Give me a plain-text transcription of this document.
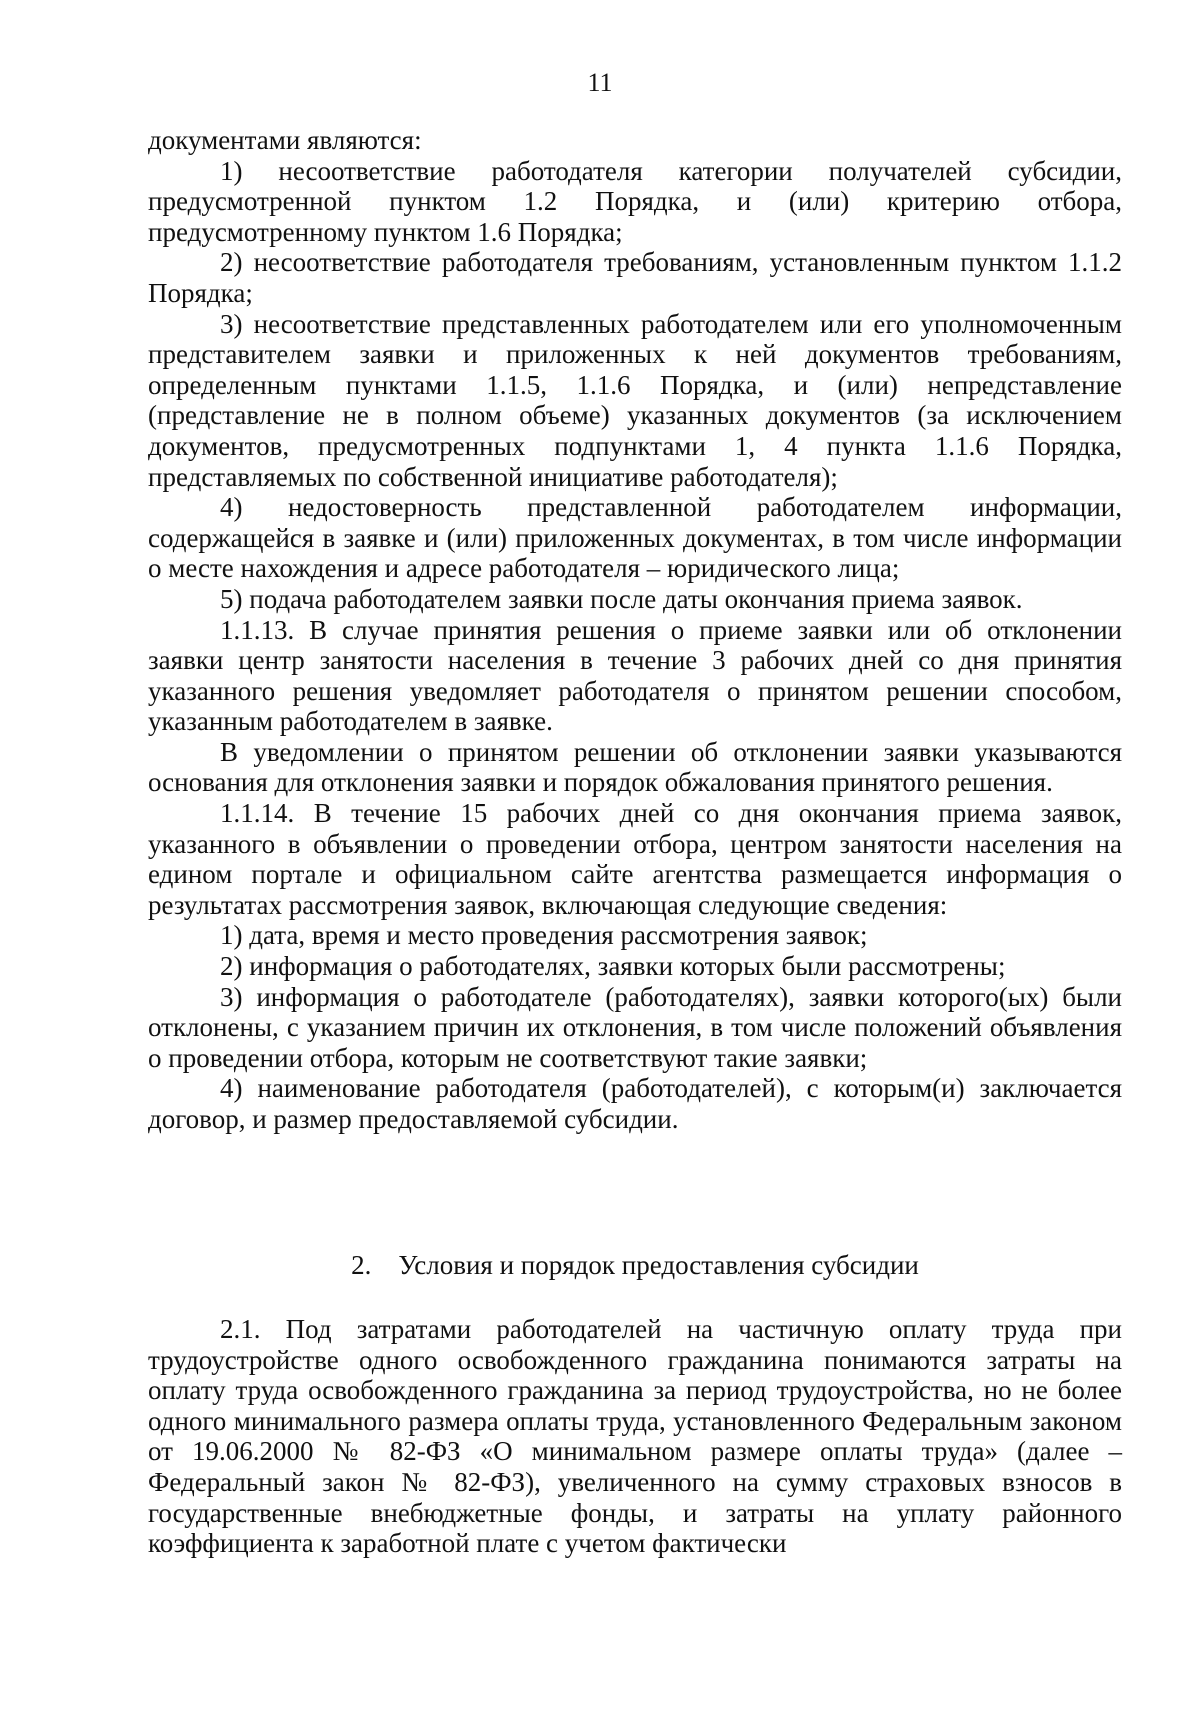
11

документами являются:

1) несоответствие работодателя категории получателей субсидии, предусмотренной пунктом 1.2 Порядка, и (или) критерию отбора, предусмотренному пунктом 1.6 Порядка;

2) несоответствие работодателя требованиям, установленным пунктом 1.1.2 Порядка;

3) несоответствие представленных работодателем или его уполномоченным представителем заявки и приложенных к ней документов требованиям, определенным пунктами 1.1.5, 1.1.6 Порядка, и (или) непредставление (представление не в полном объеме) указанных документов (за исключением документов, предусмотренных подпунктами 1, 4 пункта 1.1.6 Порядка, представляемых по собственной инициативе работодателя);

4) недостоверность представленной работодателем информации, содержащейся в заявке и (или) приложенных документах, в том числе информации о месте нахождения и адресе работодателя – юридического лица;

5) подача работодателем заявки после даты окончания приема заявок.

1.1.13. В случае принятия решения о приеме заявки или об отклонении заявки центр занятости населения в течение 3 рабочих дней со дня принятия указанного решения уведомляет работодателя о принятом решении способом, указанным работодателем в заявке.

В уведомлении о принятом решении об отклонении заявки указываются основания для отклонения заявки и порядок обжалования принятого решения.

1.1.14. В течение 15 рабочих дней со дня окончания приема заявок, указанного в объявлении о проведении отбора, центром занятости населения на едином портале и официальном сайте агентства размещается информация о результатах рассмотрения заявок, включающая следующие сведения:

1) дата, время и место проведения рассмотрения заявок;

2) информация о работодателях, заявки которых были рассмотрены;

3) информация о работодателе (работодателях), заявки которого(ых) были отклонены, с указанием причин их отклонения, в том числе положений объявления о проведении отбора, которым не соответствуют такие заявки;

4) наименование работодателя (работодателей), с которым(и) заключается договор, и размер предоставляемой субсидии.

2. Условия и порядок предоставления субсидии

2.1. Под затратами работодателей на частичную оплату труда при трудоустройстве одного освобожденного гражданина понимаются затраты на оплату труда освобожденного гражданина за период трудоустройства, но не более одного минимального размера оплаты труда, установленного Федеральным законом от 19.06.2000 № 82-ФЗ «О минимальном размере оплаты труда» (далее – Федеральный закон № 82-ФЗ), увеличенного на сумму страховых взносов в государственные внебюджетные фонды, и затраты на уплату районного коэффициента к заработной плате с учетом фактически
